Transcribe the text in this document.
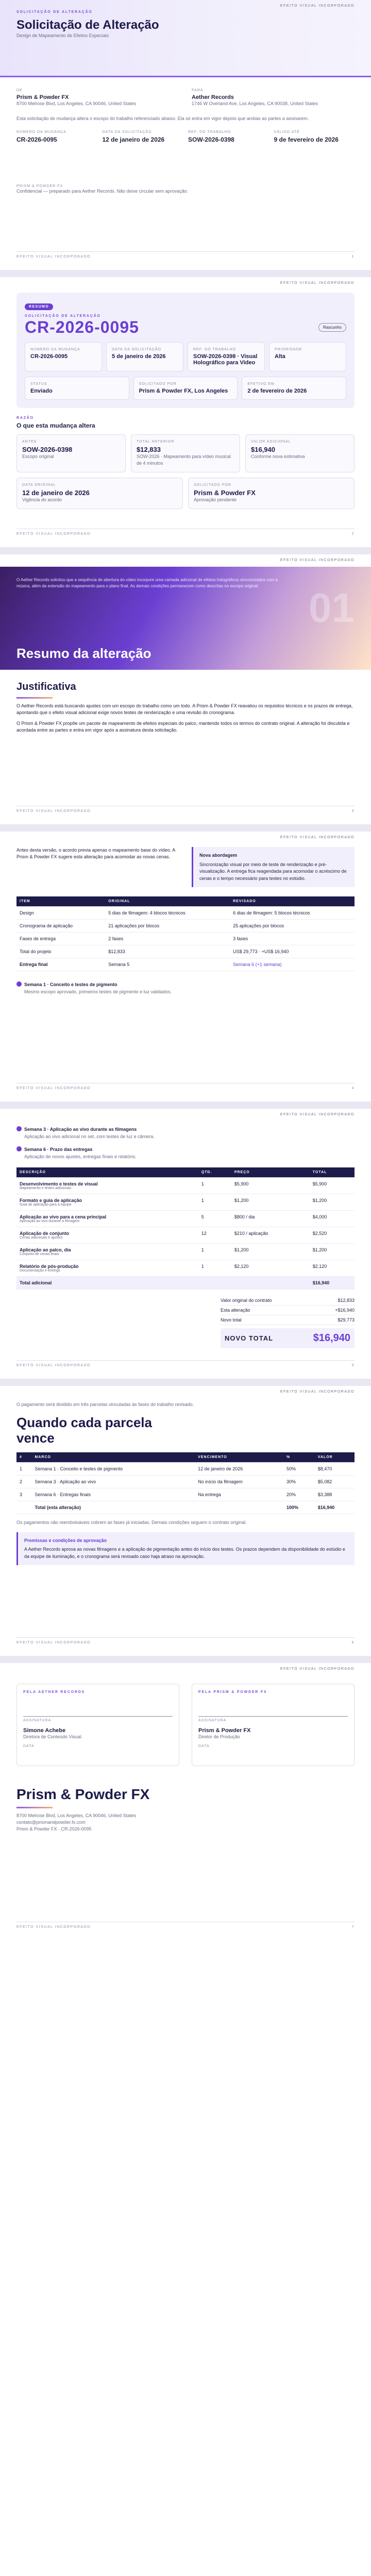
EFEITO VISUAL INCORPORADO
SOLICITAÇÃO DE ALTERAÇÃO
Solicitação de Alteração
Design de Mapeamento de Efeitos Especiais
DE
Prism & Powder FX
8700 Melrose Blvd, Los Angeles, CA 90046, United States
PARA
Aether Records
1746 W Overland Ave, Los Angeles, CA 90038, United States

Esta solicitação de mudança altera o escopo do trabalho referenciado abaixo. Ela só entra em vigor depois que ambas as partes a assinarem.

NÚMERO DA MUDANÇA
CR-2026-0095
DATA DA SOLICITAÇÃO
12 de janeiro de 2026
REF. DO TRABALHO
SOW-2026-0398
VÁLIDO ATÉ
9 de fevereiro de 2026
PRISM & POWDER FX
Confidencial — preparado para Aether Records. Não deixe circular sem aprovação.
EFEITO VISUAL INCORPORADO	1
EFEITO VISUAL INCORPORADO
RESUMO
SOLICITAÇÃO DE ALTERAÇÃO
CR-2026-0095	Rascunho
NÚMERO DA MUDANÇA
CR-2026-0095
DATA DA SOLICITAÇÃO
5 de janeiro de 2026
REF. DO TRABALHO
SOW-2026-0398 · Visual Holográfico para Video
PRIORIDADE
Alta
STATUS
Enviado
SOLICITADO POR
Prism & Powder FX, Los Angeles
EFETIVO EM
2 de fevereiro de 2026
RAZÃO
O que esta mudança altera
ANTES
SOW-2026-0398
Escopo original
TOTAL ANTERIOR
$12,833
SOW-2026 · Mapeamento para vídeo musical de 4 minutos
VALOR ADICIONAL
$16,940
Conforme nova estimativa
DATA ORIGINAL
12 de janeiro de 2026
Vigência do acordo
SOLICITADO POR
Prism & Powder FX
Aprovação pendente
EFEITO VISUAL INCORPORADO	2
EFEITO VISUAL INCORPORADO
O Aether Records solicitou que a sequência de abertura do vídeo incorpore uma camada adicional de efeitos holográficos sincronizados com a música, além da extensão do mapeamento para o plano final. As demais condições permanecem como descritas no escopo original.	01
Resumo da alteração
Justificativa

O Aether Records está buscando ajustes com um escopo do trabalho como um todo. A Prism & Powder FX reavaliou os requisitos técnicos e os prazos de entrega, apontando que o efeito visual adicional exige novos testes de renderização e uma revisão do cronograma.

O Prism & Powder FX propõe um pacote de mapeamento de efeitos especiais do palco, mantendo todos os termos do contrato original. A alteração foi discutida e acordada entre as partes e entra em vigor após a assinatura desta solicitação.

EFEITO VISUAL INCORPORADO	3
EFEITO VISUAL INCORPORADO

Antes desta versão, o acordo previa apenas o mapeamento base do vídeo. A Prism & Powder FX sugere esta alteração para acomodar as novas cenas.	Nova abordagem
Sincronização visual por meio de teste de renderização e pré-visualização. A entrega fica reagendada para acomodar o acréscimo de cenas e o tempo necessário para testes no estúdio.
ITEM	ORIGINAL	REVISADO
Design	5 dias de filmagem: 4 blocos técnicos	6 dias de filmagem: 5 blocos técnicos
Cronograma de aplicação	21 aplicações por blocos	25 aplicações por blocos
Fases de entrega	2 fases	3 fases
Total do projeto	$12,833	US$ 29,773 · +US$ 16,940
Entrega final	Semana 5	Semana 6 (+1 semana)
Semana 1 · Conceito e testes de pigmento
Mesmo escopo aprovado, primeiros testes de pigmento e luz validados.
EFEITO VISUAL INCORPORADO	4
EFEITO VISUAL INCORPORADO
Semana 3 · Aplicação ao vivo durante as filmagens
Aplicação ao vivo adicional no set, com testes de luz e câmera.
Semana 6 · Prazo das entregas
Aplicação de novos ajustes, entregas finais e relatório.
DESCRIÇÃO	QTD.	PREÇO	TOTAL

Desenvolvimento e testes de visual
Mapeamento e testes adicionais	1	$5,900	$5,900

Formato e guia de aplicação
Guia de aplicação para a equipe	1	$1,200	$1,200

Aplicação ao vivo para a cena principal
Aplicação ao vivo durante a filmagem	5	$800 / dia	$4,000

Aplicação de conjunto
Cenas adicionais e ajustes	12	$210 / aplicação	$2,520

Aplicação ao palco, dia
Conjunto de cenas finais	1	$1,200	$1,200

Relatório de pós-produção
Documentação e entrega	1	$2,120	$2,120
Total adicional			$16,940
Valor original do contrato	$12,833
Esta alteração	+$16,940
Novo total	$29,773
NOVO TOTAL	$16,940
EFEITO VISUAL INCORPORADO	5
EFEITO VISUAL INCORPORADO

O pagamento será dividido em três parcelas vinculadas às fases do trabalho revisado.

Quando cada parcela vence
#	MARCO	VENCIMENTO	%	VALOR
1	Semana 1 · Conceito e testes de pigmento	12 de janeiro de 2026	50%	$8,470
2	Semana 3 · Aplicação ao vivo	No início da filmagem	30%	$5,082
3	Semana 6 · Entregas finais	Na entrega	20%	$3,388
	Total (esta alteração)		100%	$16,940

Os pagamentos não reembolsáveis cobrem as fases já iniciadas. Demais condições seguem o contrato original.

Premissas e condições de aprovação
A Aether Records aprova as novas filmagens e a aplicação de pigmentação antes do início dos testes. Os prazos dependem da disponibilidade do estúdio e da equipe de iluminação, e o cronograma será revisado caso haja atraso na aprovação.
EFEITO VISUAL INCORPORADO	6
EFEITO VISUAL INCORPORADO
PELA AETHER RECORDS
ASSINATURA
Simone Achebe
Diretora de Conteúdo Visual
DATA
PELA PRISM & POWDER FX
ASSINATURA
Prism & Powder FX
Diretor de Produção
DATA
Prism & Powder FX
8700 Melrose Blvd, Los Angeles, CA 90046, United States
contato@prismandpowder.fx.com
Prism & Powder FX · CR-2026-0095
EFEITO VISUAL INCORPORADO	7
